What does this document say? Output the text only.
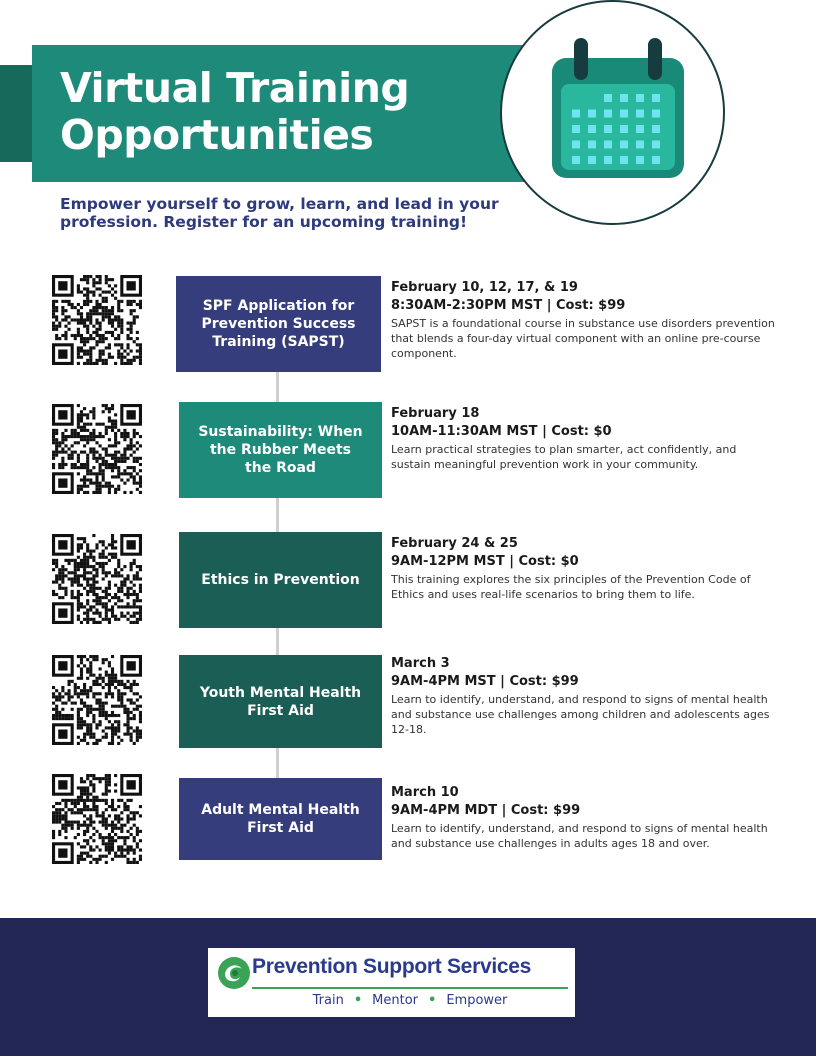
Virtual Training Opportunities

Empower yourself to grow, learn, and lead in your profession. Register for an upcoming training!

SPF Application for Prevention Success Training (SAPST)
February 10, 12, 17, & 19
8:30AM-2:30PM MST | Cost: $99
SAPST is a foundational course in substance use disorders prevention that blends a four-day virtual component with an online pre-course component.
Sustainability: When the Rubber Meets the Road
February 18
10AM-11:30AM MST | Cost: $0
Learn practical strategies to plan smarter, act confidently, and sustain meaningful prevention work in your community.
Ethics in Prevention
February 24 & 25
9AM-12PM MST | Cost: $0
This training explores the six principles of the Prevention Code of Ethics and uses real-life scenarios to bring them to life.
Youth Mental Health First Aid
March 3
9AM-4PM MST | Cost: $99
Learn to identify, understand, and respond to signs of mental health and substance use challenges among children and adolescents ages 12-18.
Adult Mental Health First Aid
March 10
9AM-4PM MDT | Cost: $99
Learn to identify, understand, and respond to signs of mental health and substance use challenges in adults ages 18 and over.
Prevention Support Services
Train • Mentor • Empower
